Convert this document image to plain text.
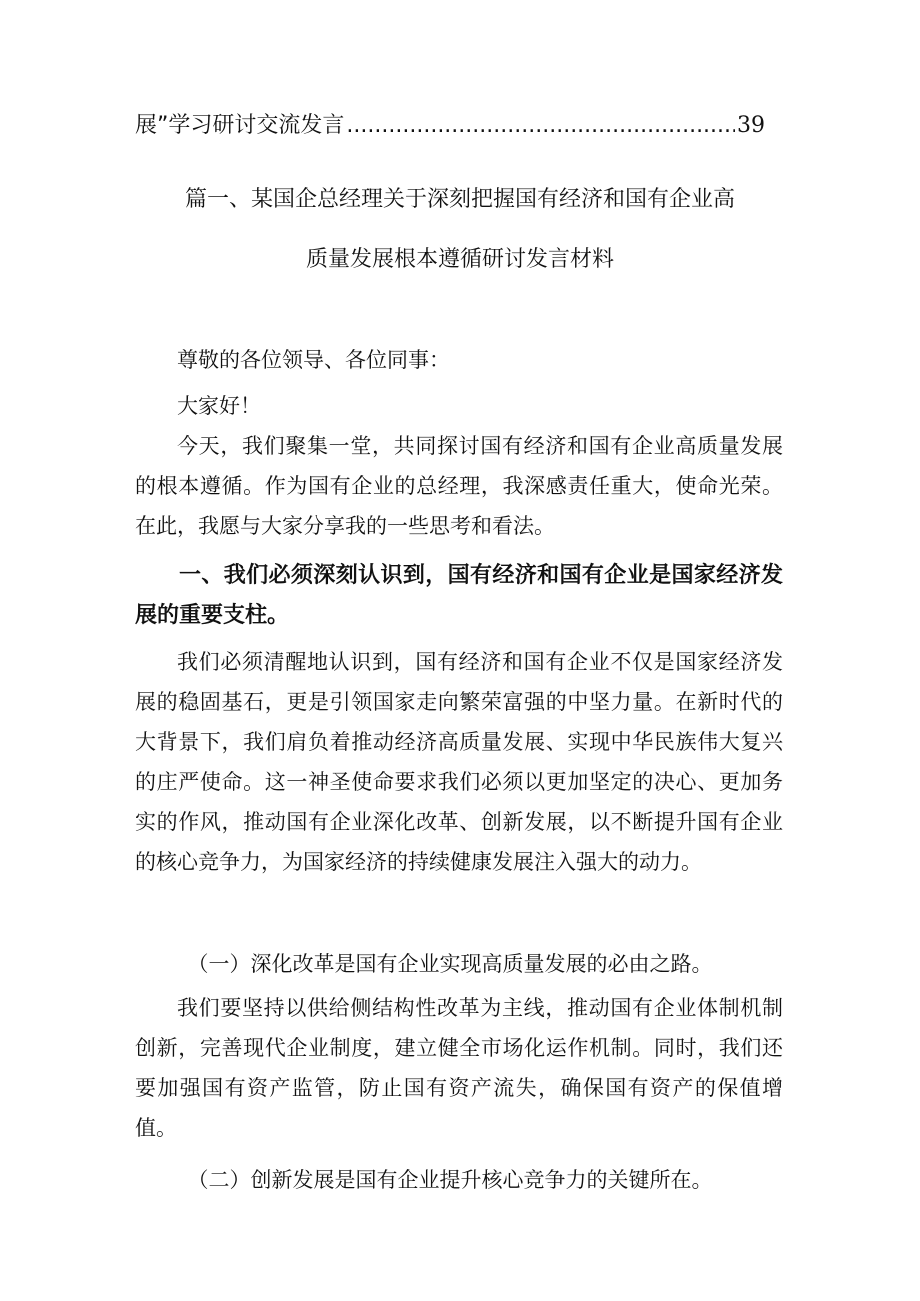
展”学习研讨交流发言
.....	39
篇一、某国企总经理关于深刻把握国有经济和国有企业高
质量发展根本遵循研讨发言材料

尊敬的各位领导、各位同事：

大家好！

今天，我们聚集一堂，共同探讨国有经济和国有企业高质量发展的根本遵循。作为国有企业的总经理，我深感责任重大，使命光荣。在此，我愿与大家分享我的一些思考和看法。

一、我们必须深刻认识到，国有经济和国有企业是国家经济发展的重要支柱。

我们必须清醒地认识到，国有经济和国有企业不仅是国家经济发展的稳固基石，更是引领国家走向繁荣富强的中坚力量。在新时代的大背景下，我们肩负着推动经济高质量发展、实现中华民族伟大复兴的庄严使命。这一神圣使命要求我们必须以更加坚定的决心、更加务实的作风，推动国有企业深化改革、创新发展，以不断提升国有企业的核心竞争力，为国家经济的持续健康发展注入强大的动力。

（一）深化改革是国有企业实现高质量发展的必由之路。

我们要坚持以供给侧结构性改革为主线，推动国有企业体制机制创新，完善现代企业制度，建立健全市场化运作机制。同时，我们还要加强国有资产监管，防止国有资产流失，确保国有资产的保值增值。

（二）创新发展是国有企业提升核心竞争力的关键所在。
